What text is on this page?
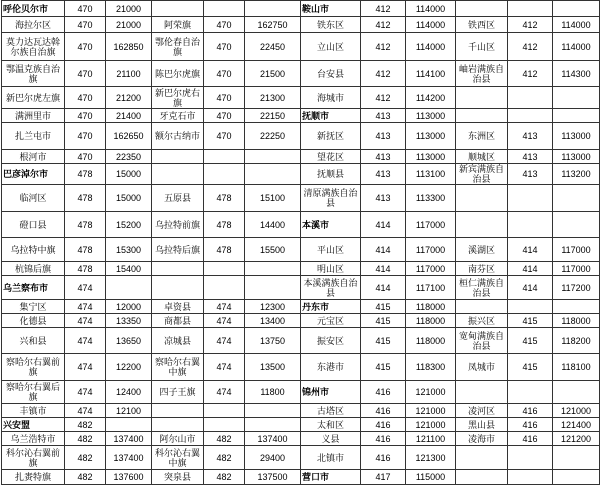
呼伦贝尔市	470	21000				鞍山市	412	114000			
海拉尔区	470	21000	阿荣旗	470	162750	铁东区	412	114000	铁西区	412	114000
莫力达瓦达斡尔族自治旗	470	162850	鄂伦春自治旗	470	22450	立山区	412	114000	千山区	412	114000
鄂温克族自治旗	470	21100	陈巴尔虎旗	470	21500	台安县	412	114100	岫岩满族自治县	412	114300
新巴尔虎左旗	470	21200	新巴尔虎右旗	470	21300	海城市	412	114200			
满洲里市	470	21400	牙克石市	470	22150	抚顺市	413	113000			
扎兰屯市	470	162650	额尔古纳市	470	22250	新抚区	413	113000	东洲区	413	113000
根河市	470	22350				望花区	413	113000	顺城区	413	113000
巴彦淖尔市	478	15000				抚顺县	413	113100	新宾满族自治县	413	113200
临河区	478	15000	五原县	478	15100	清原满族自治县	413	113300			
磴口县	478	15200	乌拉特前旗	478	14400	本溪市	414	117000			
乌拉特中旗	478	15300	乌拉特后旗	478	15500	平山区	414	117000	溪湖区	414	117000
杭锦后旗	478	15400				明山区	414	117000	南芬区	414	117000
乌兰察布市	474					本溪满族自治县	414	117100	桓仁满族自治县	414	117200
集宁区	474	12000	卓资县	474	12300	丹东市	415	118000			
化德县	474	13350	商都县	474	13400	元宝区	415	118000	振兴区	415	118000
兴和县	474	13650	凉城县	474	13750	振安区	415	118000	宽甸满族自治县	415	118200
察哈尔右翼前旗	474	12200	察哈尔右翼中旗	474	13500	东港市	415	118300	凤城市	415	118100
察哈尔右翼后旗	474	12400	四子王旗	474	11800	锦州市	416	121000			
丰镇市	474	12100				古塔区	416	121000	凌河区	416	121000
兴安盟	482					太和区	416	121000	黑山县	416	121400
乌兰浩特市	482	137400	阿尔山市	482	137400	义县	416	121100	凌海市	416	121200
科尔沁右翼前旗	482	137400	科尔沁右翼中旗	482	29400	北镇市	416	121300			
扎赉特旗	482	137600	突泉县	482	137500	营口市	417	115000			
